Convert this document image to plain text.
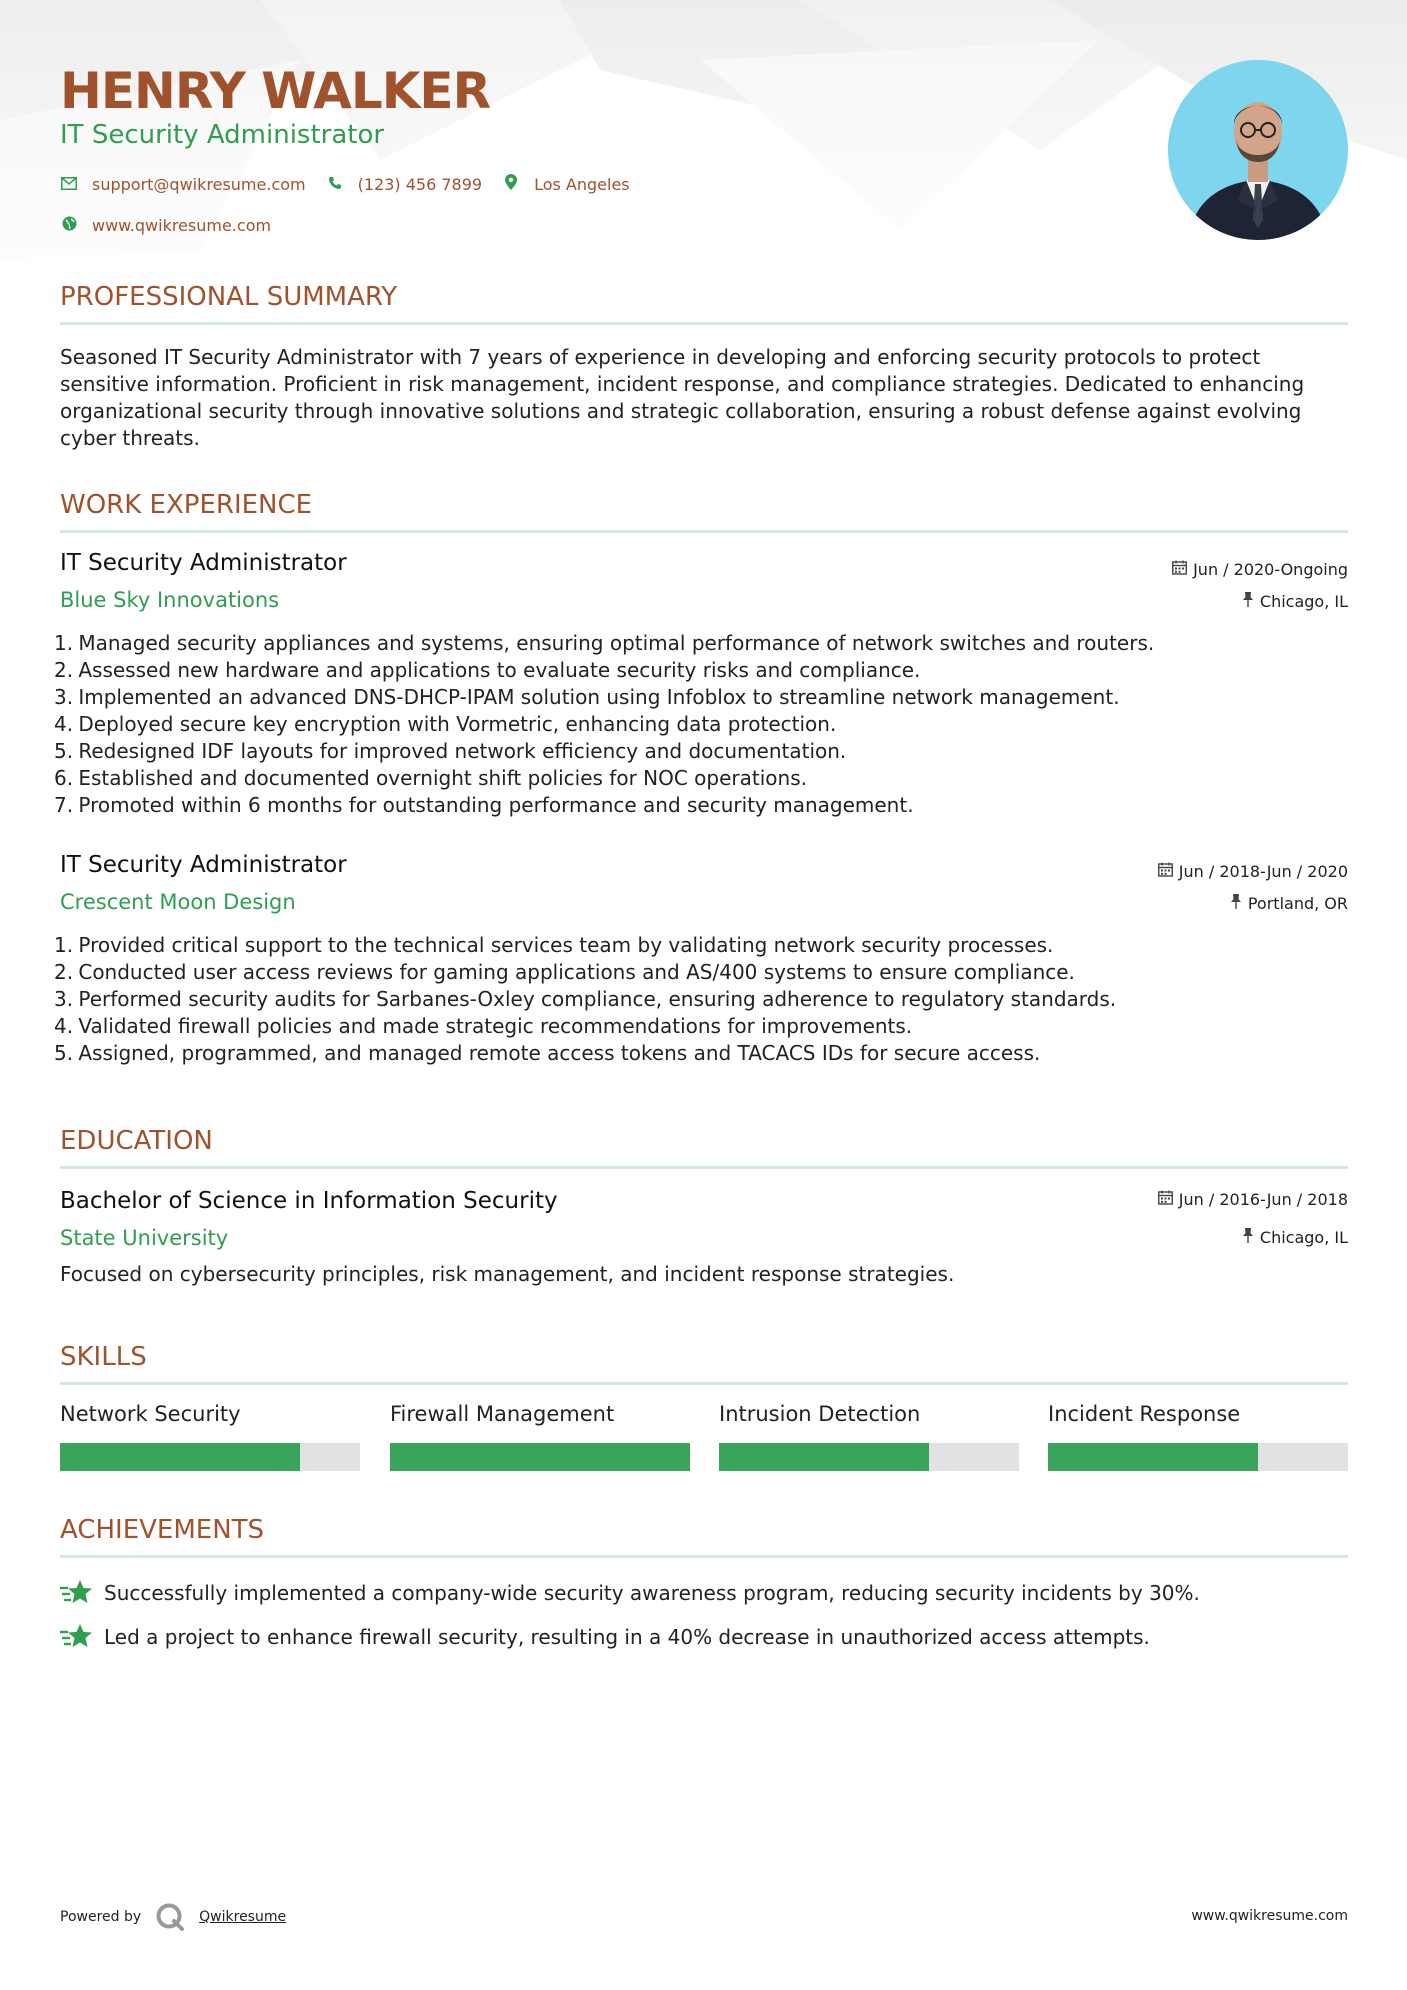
HENRY WALKER
IT Security Administrator
support@qwikresume.com	(123) 456 7899	Los Angeles
www.qwikresume.com
PROFESSIONAL SUMMARY
Seasoned IT Security Administrator with 7 years of experience in developing and enforcing security protocols to protect sensitive information. Proficient in risk management, incident response, and compliance strategies. Dedicated to enhancing organizational security through innovative solutions and strategic collaboration, ensuring a robust defense against evolving cyber threats.
WORK EXPERIENCE
IT Security Administrator	Jun / 2020-Ongoing
Blue Sky Innovations	Chicago, IL
1. Managed security appliances and systems, ensuring optimal performance of network switches and routers.
2. Assessed new hardware and applications to evaluate security risks and compliance.
3. Implemented an advanced DNS-DHCP-IPAM solution using Infoblox to streamline network management.
4. Deployed secure key encryption with Vormetric, enhancing data protection.
5. Redesigned IDF layouts for improved network efficiency and documentation.
6. Established and documented overnight shift policies for NOC operations.
7. Promoted within 6 months for outstanding performance and security management.
IT Security Administrator	Jun / 2018-Jun / 2020
Crescent Moon Design	Portland, OR
1. Provided critical support to the technical services team by validating network security processes.
2. Conducted user access reviews for gaming applications and AS/400 systems to ensure compliance.
3. Performed security audits for Sarbanes-Oxley compliance, ensuring adherence to regulatory standards.
4. Validated firewall policies and made strategic recommendations for improvements.
5. Assigned, programmed, and managed remote access tokens and TACACS IDs for secure access.
EDUCATION
Bachelor of Science in Information Security	Jun / 2016-Jun / 2018
State University	Chicago, IL
Focused on cybersecurity principles, risk management, and incident response strategies.
SKILLS
Network Security	Firewall Management	Intrusion Detection	Incident Response
ACHIEVEMENTS
Successfully implemented a company-wide security awareness program, reducing security incidents by 30%.
Led a project to enhance firewall security, resulting in a 40% decrease in unauthorized access attempts.
Powered by	Qwikresume	www.qwikresume.com
